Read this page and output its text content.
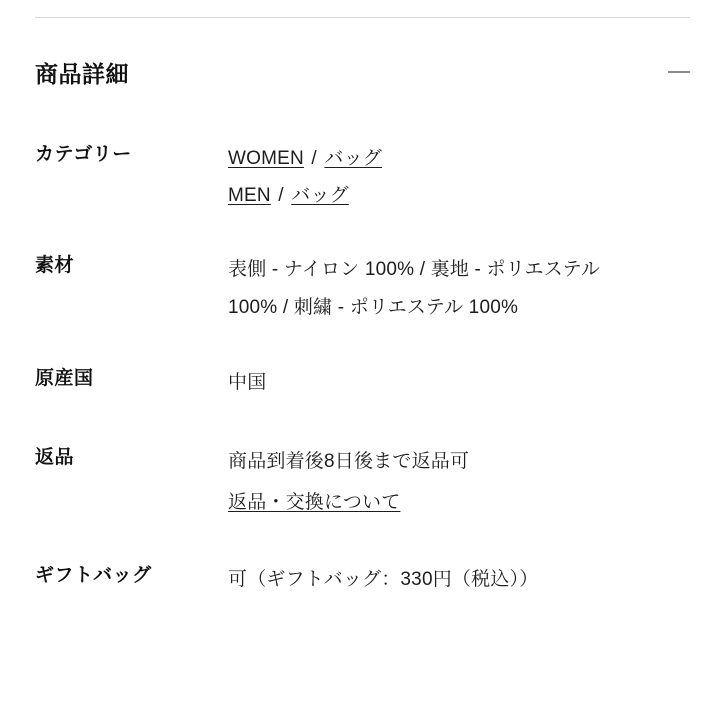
商品詳細
カテゴリー	WOMEN / バッグ
MEN / バッグ
素材	表側 - ナイロン 100% / 裏地 - ポリエステル
100% / 刺繍 - ポリエステル 100%
原産国	中国
返品	商品到着後8日後まで返品可
返品・交換について
ギフトバッグ	可（ギフトバッグ：330円（税込））
